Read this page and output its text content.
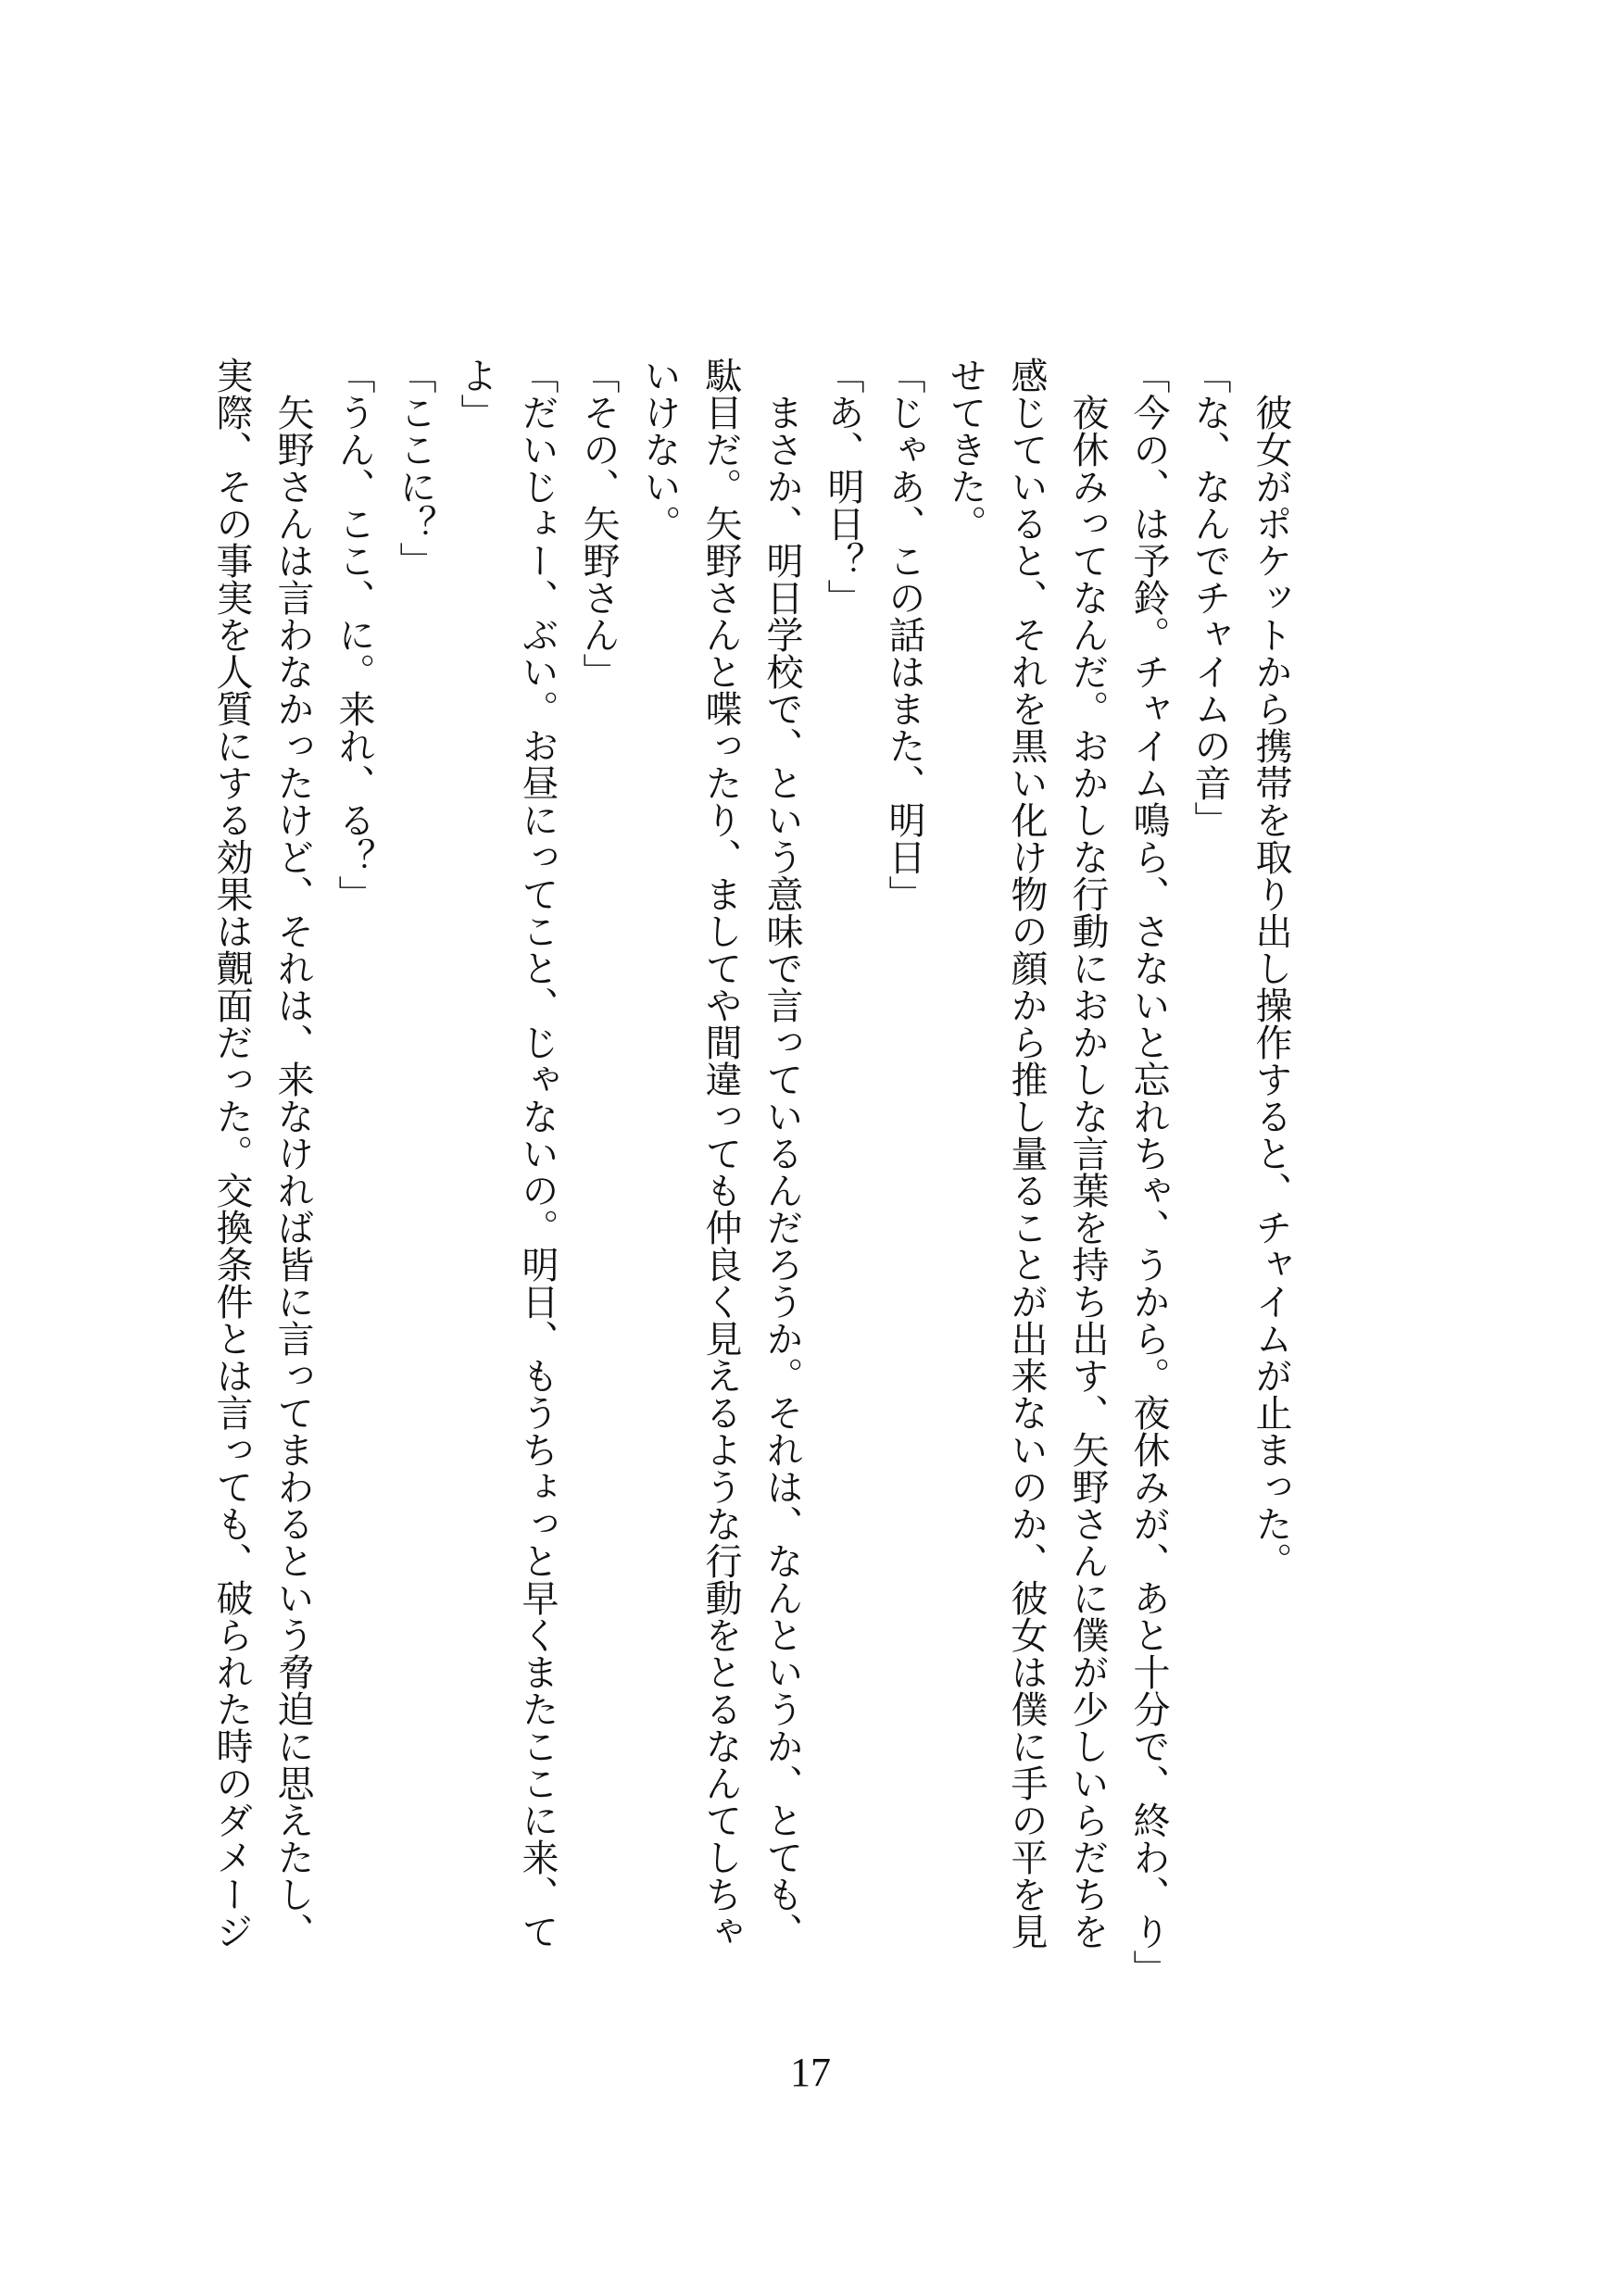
　彼女がポケットから携帯を取り出し操作すると、チャイムが止まった。
「な、なんでチャイムの音」
「今の、は予鈴。チャイム鳴ら、さないと忘れちゃ、うから。夜休みが、あと十分で、終わ、り」
　夜休みってなんだ。おかしな行動におかしな言葉を持ち出す、矢野さんに僕が少しいらだちを
感じていると、それを黒い化け物の顔から推し量ることが出来ないのか、彼女は僕に手の平を見
せてきた。
「じゃあ、この話はまた、明日」
「あ、明日？」
　まさか、明日学校で、という意味で言っているんだろうか。それは、なんというか、とても、
駄目だ。矢野さんと喋ったり、ましてや間違っても仲良く見えるような行動をとるなんてしちゃ
いけない。
「その、矢野さん」
「だいじょー、ぶい。お昼にってこと、じゃないの。明日、もうちょっと早くまたここに来、て
よ」
「ここに？」
「うん、ここ、に。来れ、る？」
　矢野さんは言わなかったけど、それは、来なければ皆に言ってまわるという脅迫に思えたし、
実際、その事実を人質にする効果は覿面だった。交換条件とは言っても、破られた時のダメージ
17
